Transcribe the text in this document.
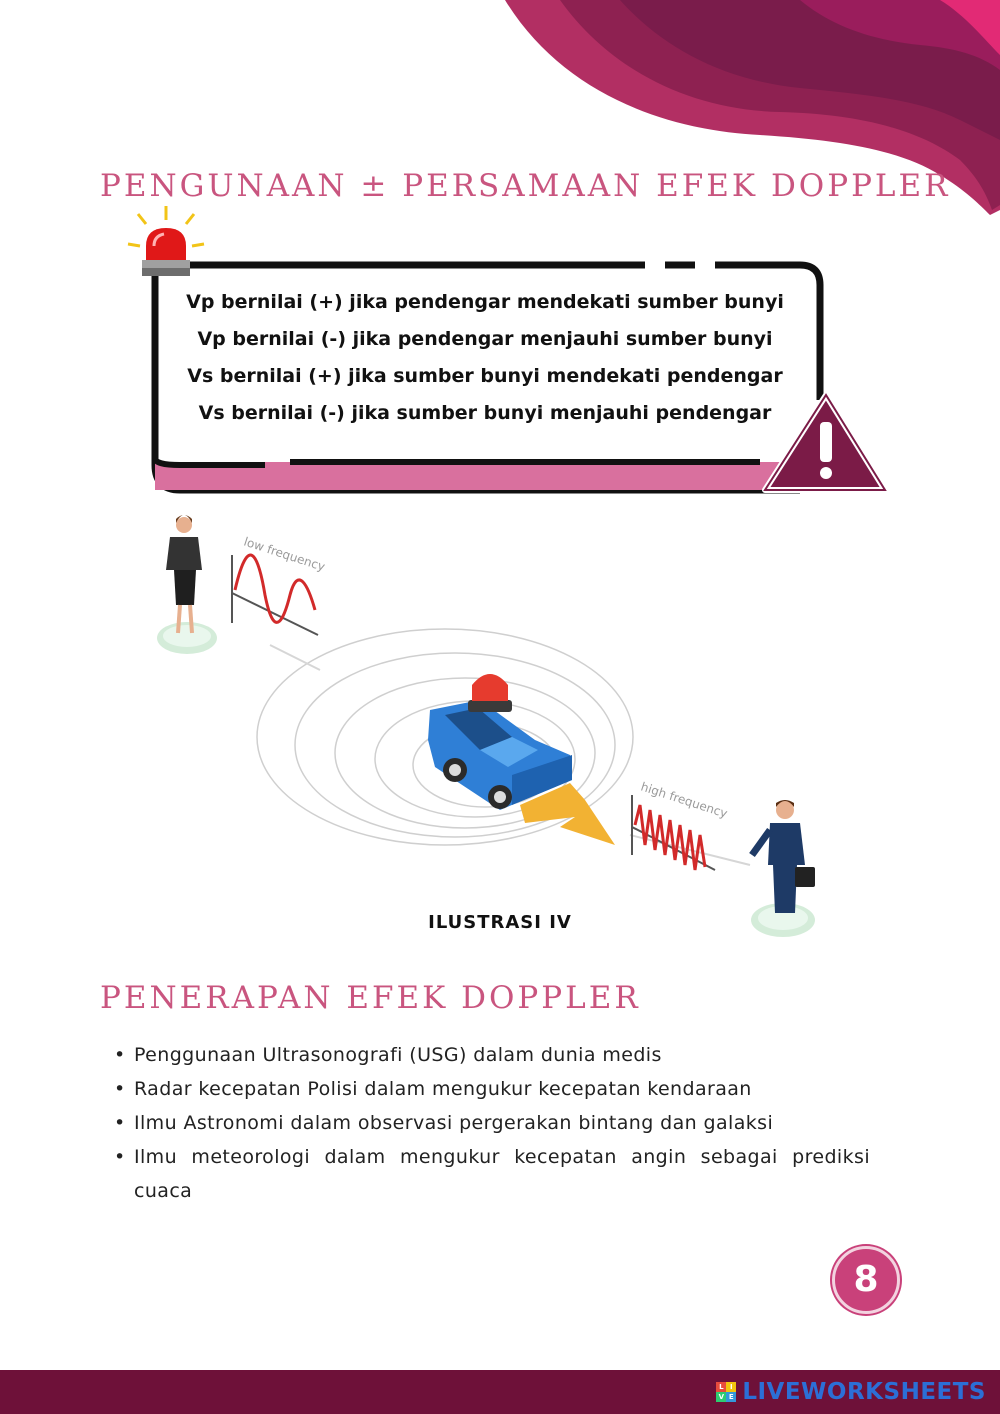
PENGUNAAN ± PERSAMAAN EFEK DOPPLER
Vp bernilai (+) jika pendengar mendekati sumber bunyi
Vp bernilai (-) jika pendengar menjauhi sumber bunyi
Vs bernilai (+) jika sumber bunyi mendekati pendengar
Vs bernilai (-) jika sumber bunyi menjauhi pendengar
low frequency
high frequency
ILUSTRASI IV
PENERAPAN EFEK DOPPLER
• Penggunaan Ultrasonografi (USG) dalam dunia medis
• Radar kecepatan Polisi dalam mengukur kecepatan kendaraan
• Ilmu Astronomi dalam observasi pergerakan bintang dan galaksi
• Ilmu meteorologi dalam mengukur kecepatan angin sebagai prediksi cuaca
8
L I
V E LIVEWORKSHEETS
